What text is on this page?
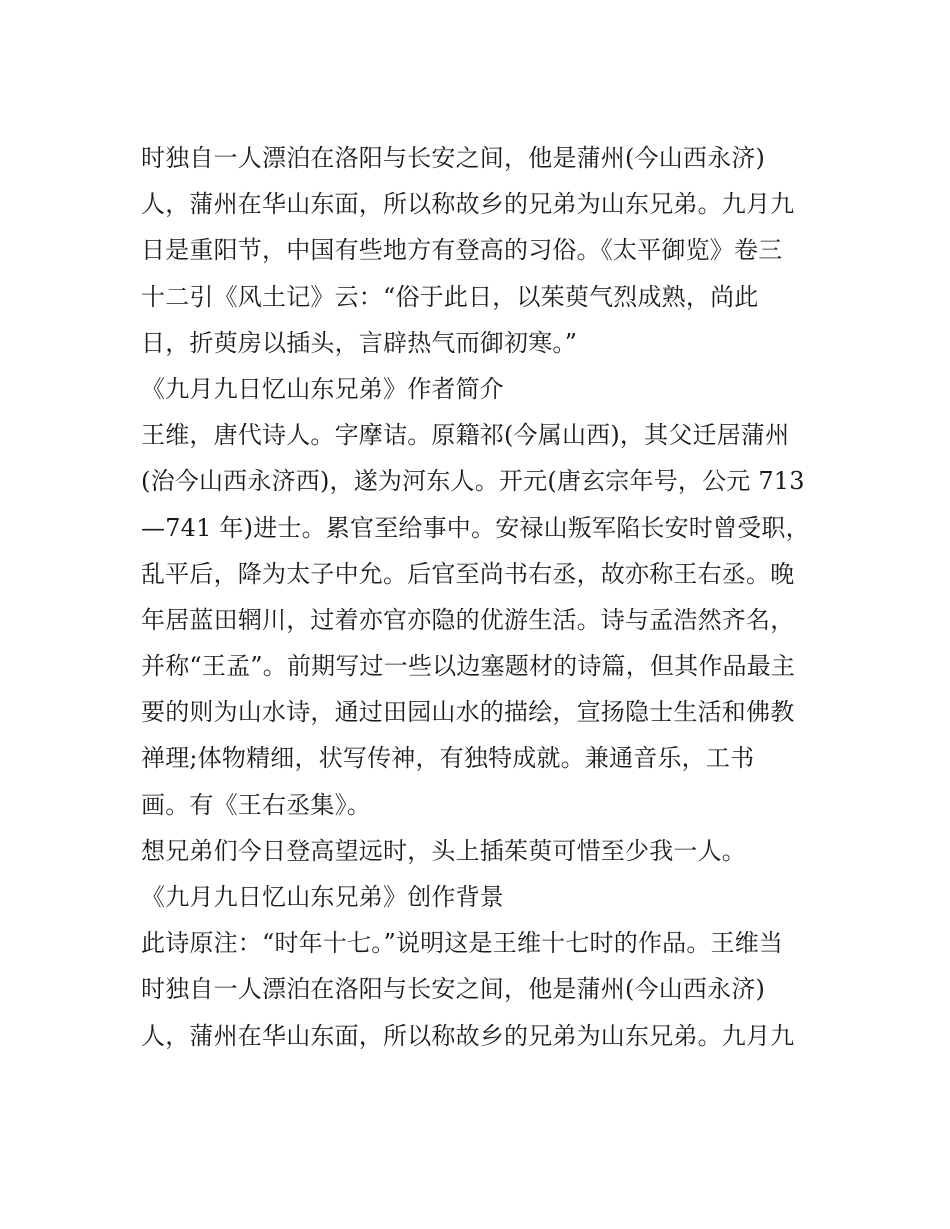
时独自一人漂泊在洛阳与长安之间，他是蒲州(今山西永济)
人，蒲州在华山东面，所以称故乡的兄弟为山东兄弟。九月九
日是重阳节，中国有些地方有登高的习俗。《太平御览》卷三
十二引《风土记》云：“俗于此日，以茱萸气烈成熟，尚此
日，折萸房以插头，言辟热气而御初寒。”
《九月九日忆山东兄弟》作者简介
王维，唐代诗人。字摩诘。原籍祁(今属山西)，其父迁居蒲州
(治今山西永济西)，遂为河东人。开元(唐玄宗年号，公元 713
—741 年)进士。累官至给事中。安禄山叛军陷长安时曾受职，
乱平后，降为太子中允。后官至尚书右丞，故亦称王右丞。晚
年居蓝田辋川，过着亦官亦隐的优游生活。诗与孟浩然齐名，
并称“王孟”。前期写过一些以边塞题材的诗篇，但其作品最主
要的则为山水诗，通过田园山水的描绘，宣扬隐士生活和佛教
禅理;体物精细，状写传神，有独特成就。兼通音乐，工书
画。有《王右丞集》。
想兄弟们今日登高望远时，头上插茱萸可惜至少我一人。
《九月九日忆山东兄弟》创作背景
此诗原注：“时年十七。”说明这是王维十七时的作品。王维当
时独自一人漂泊在洛阳与长安之间，他是蒲州(今山西永济)
人，蒲州在华山东面，所以称故乡的兄弟为山东兄弟。九月九
